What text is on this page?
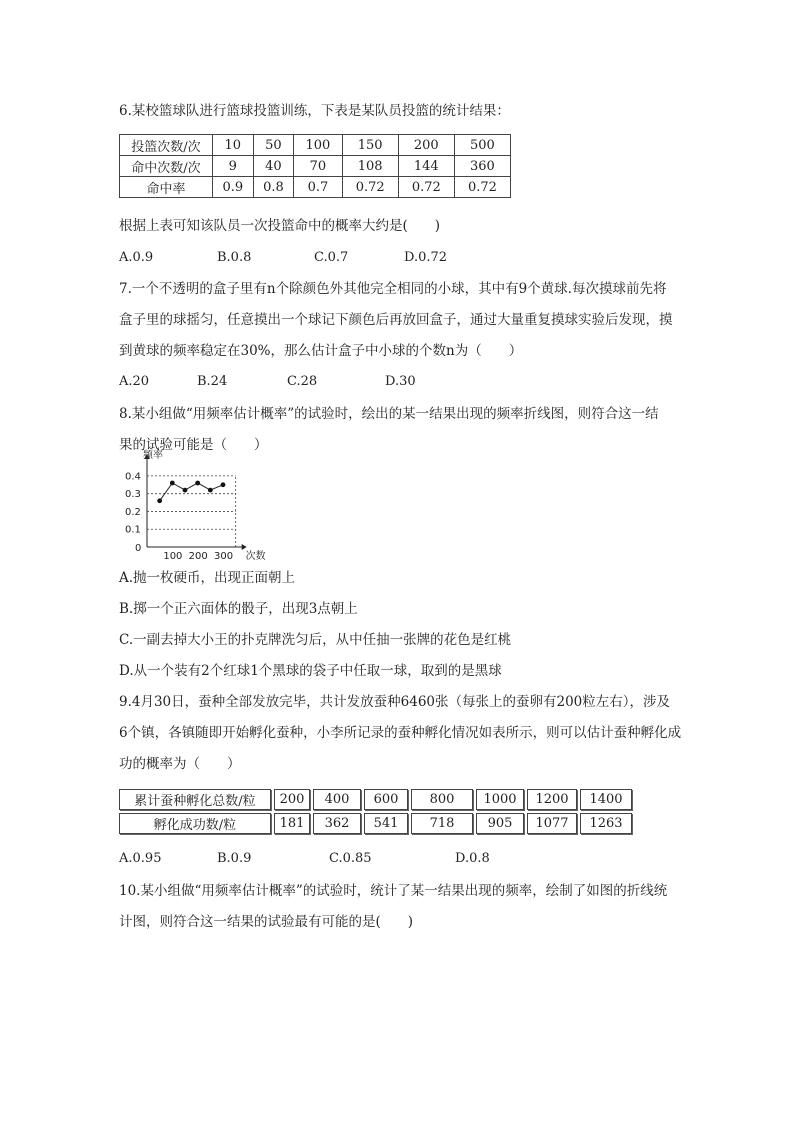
6.某校篮球队进行篮球投篮训练，下表是某队员投篮的统计结果：
投篮次数/次	10	50	100	150	200	500
命中次数/次	9	40	70	108	144	360
命中率	0.9	0.8	0.7	0.72	0.72	0.72
根据上表可知该队员一次投篮命中的概率大约是(　　)
A.0.9	B.0.8	C.0.7	D.0.72
7.一个不透明的盒子里有n个除颜色外其他完全相同的小球，其中有9个黄球.每次摸球前先将
盒子里的球摇匀，任意摸出一个球记下颜色后再放回盒子，通过大量重复摸球实验后发现，摸
到黄球的频率稳定在30%，那么估计盒子中小球的个数n为（　　）
A.20	B.24	C.28	D.30
8.某小组做“用频率估计概率”的试验时，绘出的某一结果出现的频率折线图，则符合这一结
果的试验可能是（　　）
频率
次数
0
0.1
0.2
0.3
0.4
100 200 300
A.抛一枚硬币，出现正面朝上
B.掷一个正六面体的骰子，出现3点朝上
C.一副去掉大小王的扑克牌洗匀后，从中任抽一张牌的花色是红桃
D.从一个装有2个红球1个黑球的袋子中任取一球，取到的是黑球
9.4月30日，蚕种全部发放完毕，共计发放蚕种6460张（每张上的蚕卵有200粒左右），涉及
6个镇，各镇随即开始孵化蚕种，小李所记录的蚕种孵化情况如表所示，则可以估计蚕种孵化成
功的概率为（　　）
累计蚕种孵化总数/粒	200	400	600	800	1000	1200	1400
孵化成功数/粒	181	362	541	718	905	1077	1263
A.0.95	B.0.9	C.0.85	D.0.8
10.某小组做“用频率估计概率”的试验时，统计了某一结果出现的频率，绘制了如图的折线统
计图，则符合这一结果的试验最有可能的是(　　)
